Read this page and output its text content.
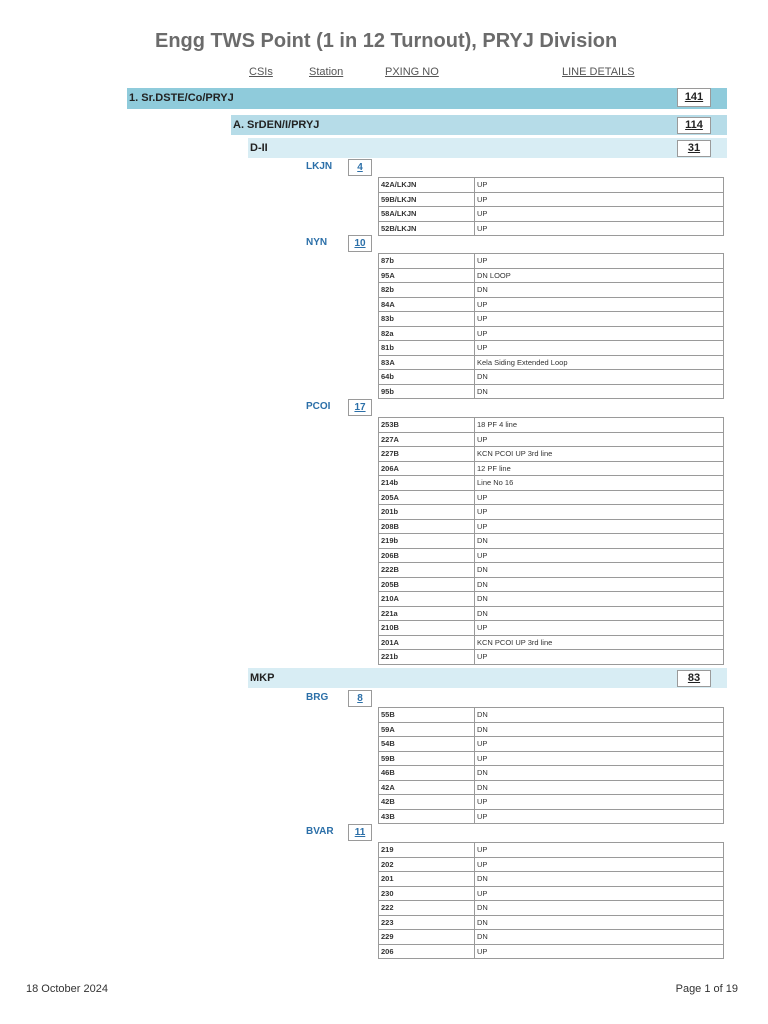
Engg TWS Point (1 in 12 Turnout), PRYJ Division
CSIs	Station	PXING NO	LINE DETAILS
1. Sr.DSTE/Co/PRYJ	141
A. SrDEN/I/PRYJ	114
D-II	31
MKP	83
LKJN	4
42A/LKJN	UP
59B/LKJN	UP
58A/LKJN	UP
52B/LKJN	UP
NYN	10
87b	UP
95A	DN LOOP
82b	DN
84A	UP
83b	UP
82a	UP
81b	UP
83A	Kela Siding Extended Loop
64b	DN
95b	DN
PCOI	17
253B	18 PF 4 line
227A	UP
227B	KCN PCOI UP 3rd line
206A	12 PF line
214b	Line No 16
205A	UP
201b	UP
208B	UP
219b	DN
206B	UP
222B	DN
205B	DN
210A	DN
221a	DN
210B	UP
201A	KCN PCOI UP 3rd line
221b	UP
BRG	8
55B	DN
59A	DN
54B	UP
59B	UP
46B	DN
42A	DN
42B	UP
43B	UP
BVAR	11
219	UP
202	UP
201	DN
230	UP
222	DN
223	DN
229	DN
206	UP
18 October 2024	Page 1 of 19
